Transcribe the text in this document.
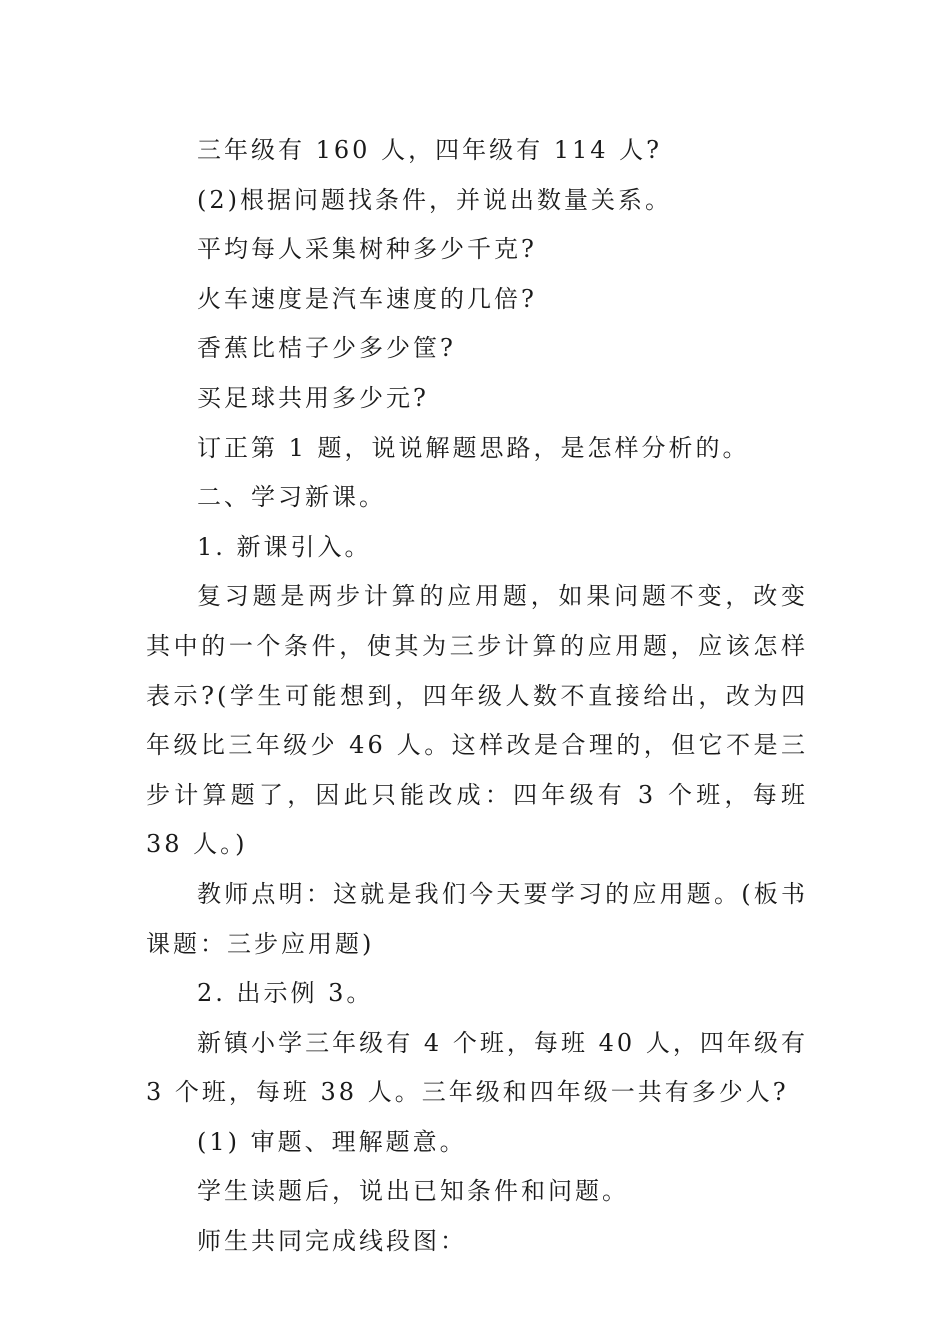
三年级有 160 人，四年级有 114 人?

(2)根据问题找条件，并说出数量关系。

平均每人采集树种多少千克?

火车速度是汽车速度的几倍?

香蕉比桔子少多少筐?

买足球共用多少元?

订正第 1 题，说说解题思路，是怎样分析的。

二、学习新课。

1. 新课引入。

复习题是两步计算的应用题，如果问题不变，改变其中的一个条件，使其为三步计算的应用题，应该怎样表示?(学生可能想到，四年级人数不直接给出，改为四年级比三年级少 46 人。这样改是合理的，但它不是三步计算题了，因此只能改成：四年级有 3 个班，每班 38 人。)

教师点明：这就是我们今天要学习的应用题。(板书课题：三步应用题)

2. 出示例 3。

新镇小学三年级有 4 个班，每班 40 人，四年级有 3 个班，每班 38 人。三年级和四年级一共有多少人?

(1) 审题、理解题意。

学生读题后，说出已知条件和问题。

师生共同完成线段图：
